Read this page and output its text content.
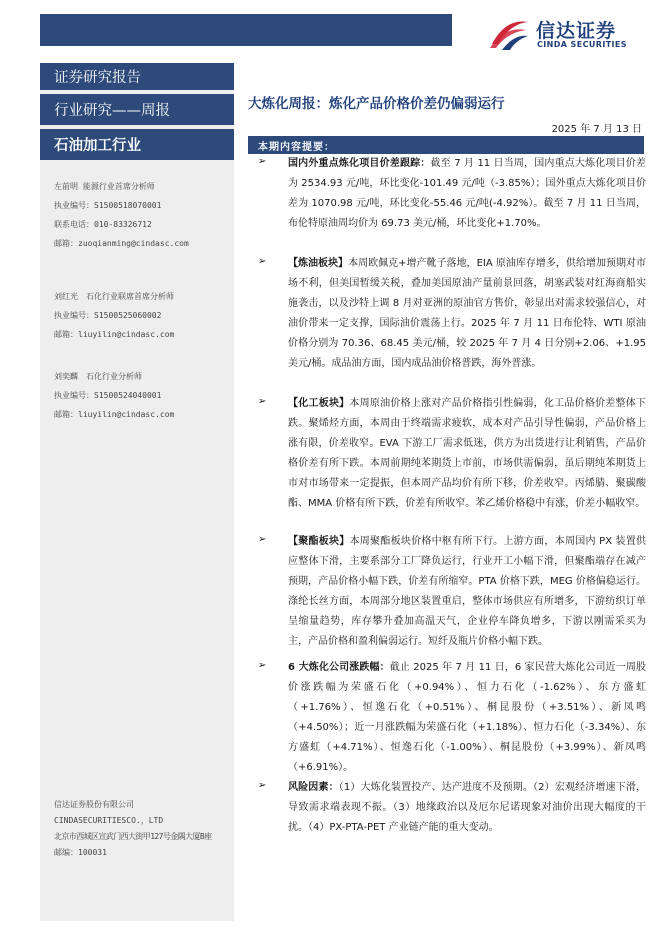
信达证券
CINDA SECURITIES
证券研究报告
行业研究——周报
石油加工行业
左前明 能源行业首席分析师
执业编号：S1500518070001
联系电话：010-83326712
邮箱：zuoqianming@cindasc.com
刘红光　石化行业联席首席分析师
执业编号：S1500525060002
邮箱：liuyilin@cindasc.com
刘奕麟　石化行业分析师
执业编号：S1500524040001
邮箱：liuyilin@cindasc.com
信达证券股份有限公司
CINDASECURITIESCO.，LTD
北京市西城区宣武门西大街甲127号金隅大厦B座
邮编：100031
大炼化周报：炼化产品价格价差仍偏弱运行
2025 年 7 月 13 日
本期内容提要：
➢ 国内外重点炼化项目价差跟踪：截至 7 月 11 日当周，国内重点大炼化项目价差为 2534.93 元/吨，环比变化-101.49 元/吨（-3.85%）；国外重点大炼化项目价差为 1070.98 元/吨，环比变化-55.46 元/吨(-4.92%）。截至 7 月 11 日当周，布伦特原油周均价为 69.73 美元/桶，环比变化+1.70%。
➢ 【炼油板块】本周欧佩克+增产靴子落地，EIA 原油库存增多，供给增加预期对市场不利，但美国暂缓关税，叠加美国原油产量前景回落，胡塞武装对红海商船实施袭击，以及沙特上调 8 月对亚洲的原油官方售价，彰显出对需求较强信心，对油价带来一定支撑，国际油价震荡上行。2025 年 7 月 11 日布伦特、WTI 原油价格分别为 70.36、68.45 美元/桶，较 2025 年 7 月 4 日分别+2.06、+1.95 美元/桶。成品油方面，国内成品油价格普跌，海外普涨。
➢ 【化工板块】本周原油价格上涨对产品价格指引性偏弱，化工品价格价差整体下跌。聚烯烃方面，本周由于终端需求疲软，成本对产品引导性偏弱，产品价格上涨有限，价差收窄。EVA 下游工厂需求低迷，供方为出货进行让利销售，产品价格价差有所下跌。本周前期纯苯期货上市前，市场供需偏弱，虽后期纯苯期货上市对市场带来一定提振，但本周产品均价有所下移，价差收窄。丙烯腈、聚碳酸酯、MMA 价格有所下跌，价差有所收窄。苯乙烯价格稳中有涨，价差小幅收窄。
➢ 【聚酯板块】本周聚酯板块价格中枢有所下行。上游方面，本周国内 PX 装置供应整体下滑，主要系部分工厂降负运行，行业开工小幅下滑，但聚酯端存在减产预期，产品价格小幅下跌，价差有所缩窄。PTA 价格下跌，MEG 价格偏稳运行。涤纶长丝方面，本周部分地区装置重启，整体市场供应有所增多，下游纺织订单呈缩量趋势，库存攀升叠加高温天气，企业停车降负增多，下游以刚需采买为主，产品价格和盈利偏弱运行。短纤及瓶片价格小幅下跌。
➢ 6 大炼化公司涨跌幅：截止 2025 年 7 月 11 日，6 家民营大炼化公司近一周股价涨跌幅为荣盛石化（+0.94%）、恒力石化（-1.62%）、东方盛虹（+1.76%）、恒逸石化（+0.51%）、桐昆股份（+3.51%）、新凤鸣（+4.50%）；近一月涨跌幅为荣盛石化（+1.18%）、恒力石化（-3.34%）、东方盛虹（+4.71%）、恒逸石化（-1.00%）、桐昆股份（+3.99%）、新凤鸣（+6.91%）。
➢ 风险因素：（1）大炼化装置投产、达产进度不及预期。（2）宏观经济增速下滑，导致需求端表现不振。（3）地缘政治以及厄尔尼诺现象对油价出现大幅度的干扰。（4）PX-PTA-PET 产业链产能的重大变动。
